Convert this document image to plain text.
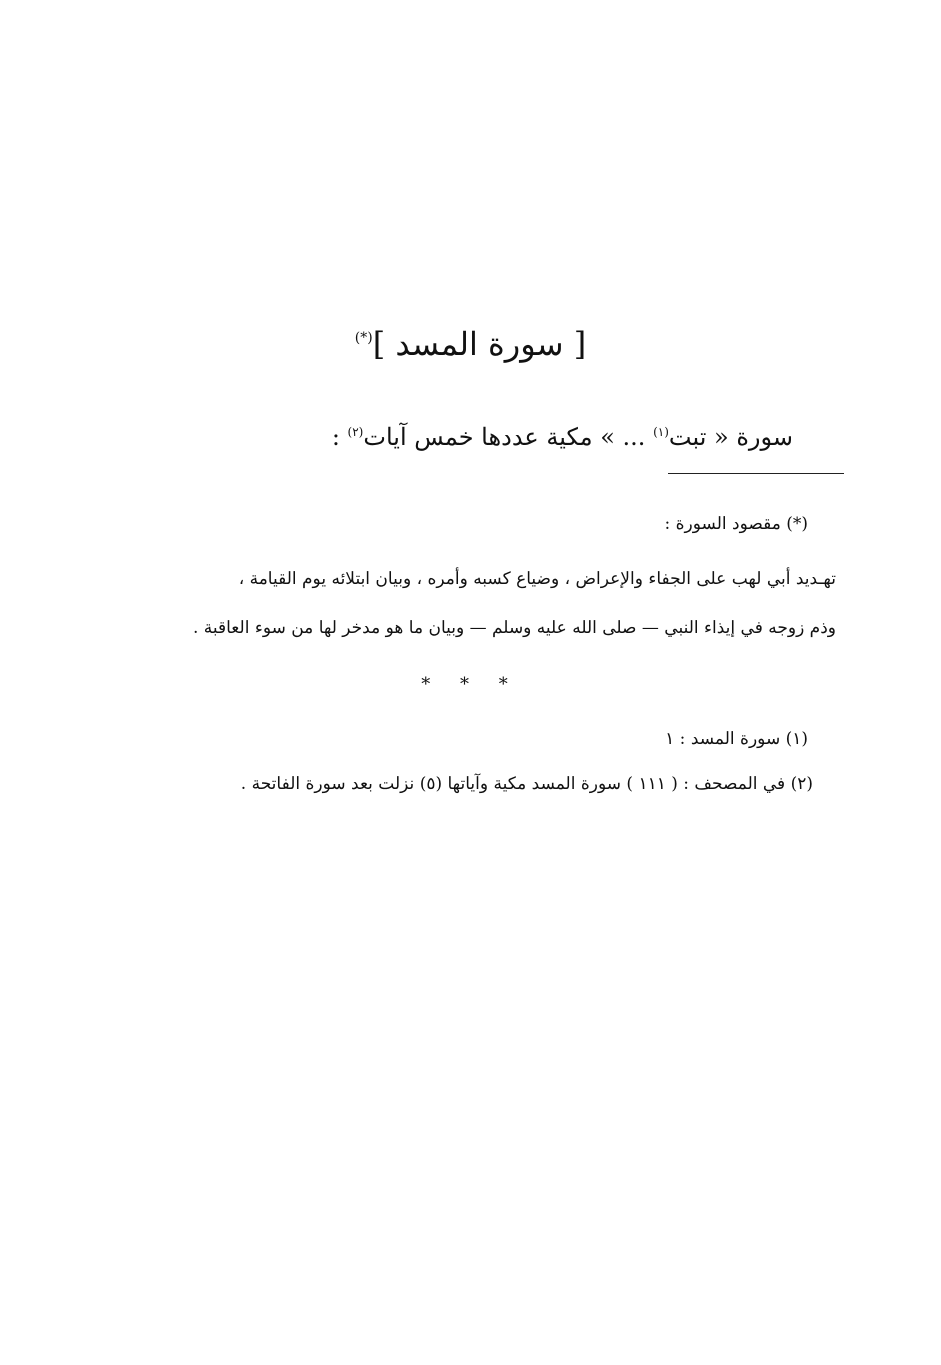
[ سورة المسد ](*)
سورة « تبت$^{(١)}$ ... » مكية عددها خمس آيات$^{(٢)}$ :
(*) مقصود السورة :
تهـديد أبي لهب على الجفاء والإعراض ، وضياع كسبه وأمره ، وبيان ابتلائه يوم القيامة ،
وذم زوجه في إيذاء النبي — صلى الله عليه وسلم — وبيان ما هو مدخر لها من سوء العاقبة .
* * *
(١) سورة المسد : ١
(٢) في المصحف : ( ١١١ ) سورة المسد مكية وآياتها (٥) نزلت بعد سورة الفاتحة .
